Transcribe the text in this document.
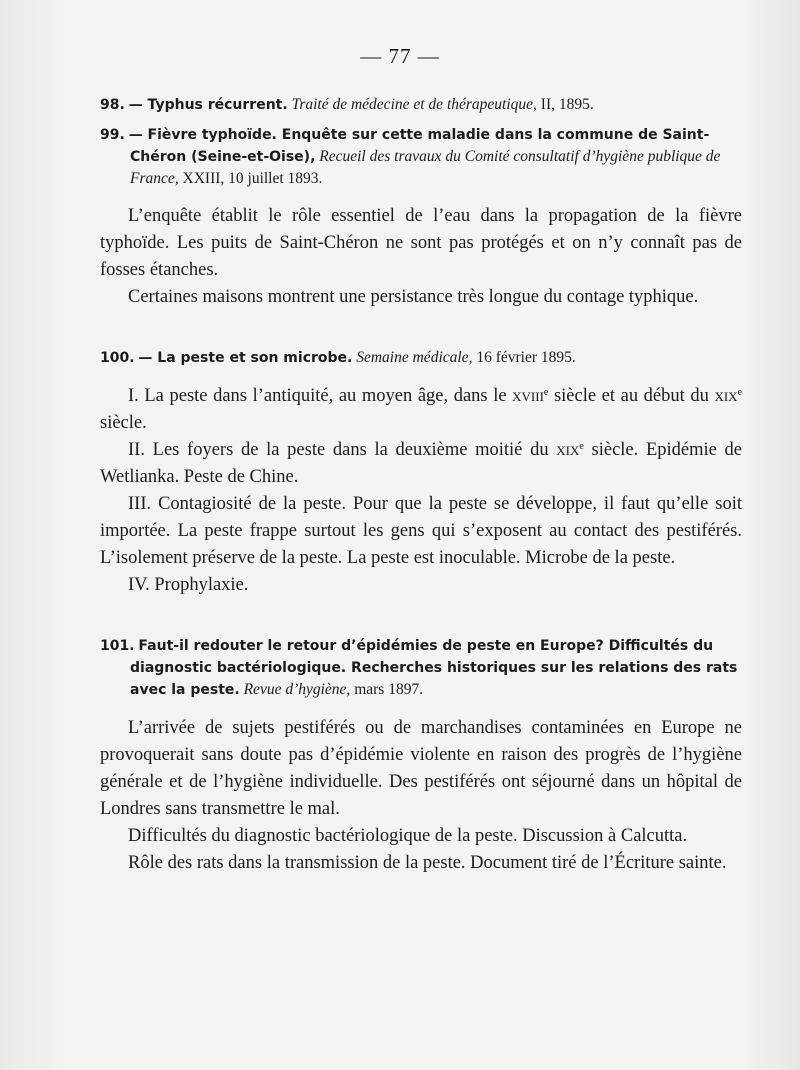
— 77 —

98. — Typhus récurrent. Traité de médecine et de thérapeutique, II, 1895.

99. — Fièvre typhoïde. Enquête sur cette maladie dans la commune de Saint-Chéron (Seine-et-Oise), Recueil des travaux du Comité consultatif d’hygiène publique de France, XXIII, 10 juillet 1893.

L’enquête établit le rôle essentiel de l’eau dans la propagation de la fièvre typhoïde. Les puits de Saint-Chéron ne sont pas protégés et on n’y connaît pas de fosses étanches.

Certaines maisons montrent une persistance très longue du contage typhique.

100. — La peste et son microbe. Semaine médicale, 16 février 1895.

I. La peste dans l’antiquité, au moyen âge, dans le xviii$^e$ siècle et au début du xix$^e$ siècle.

II. Les foyers de la peste dans la deuxième moitié du xix$^e$ siècle. Epidémie de Wetlianka. Peste de Chine.

III. Contagiosité de la peste. Pour que la peste se développe, il faut qu’elle soit importée. La peste frappe surtout les gens qui s’exposent au contact des pestiférés. L’isolement préserve de la peste. La peste est inoculable. Microbe de la peste.

IV. Prophylaxie.

101. Faut-il redouter le retour d’épidémies de peste en Europe? Difficultés du diagnostic bactériologique. Recherches historiques sur les relations des rats avec la peste. Revue d’hygiène, mars 1897.

L’arrivée de sujets pestiférés ou de marchandises contaminées en Europe ne provoquerait sans doute pas d’épidémie violente en raison des progrès de l’hygiène générale et de l’hygiène individuelle. Des pestiférés ont séjourné dans un hôpital de Londres sans transmettre le mal.

Difficultés du diagnostic bactériologique de la peste. Discussion à Calcutta.

Rôle des rats dans la transmission de la peste. Document tiré de l’Écriture sainte.
